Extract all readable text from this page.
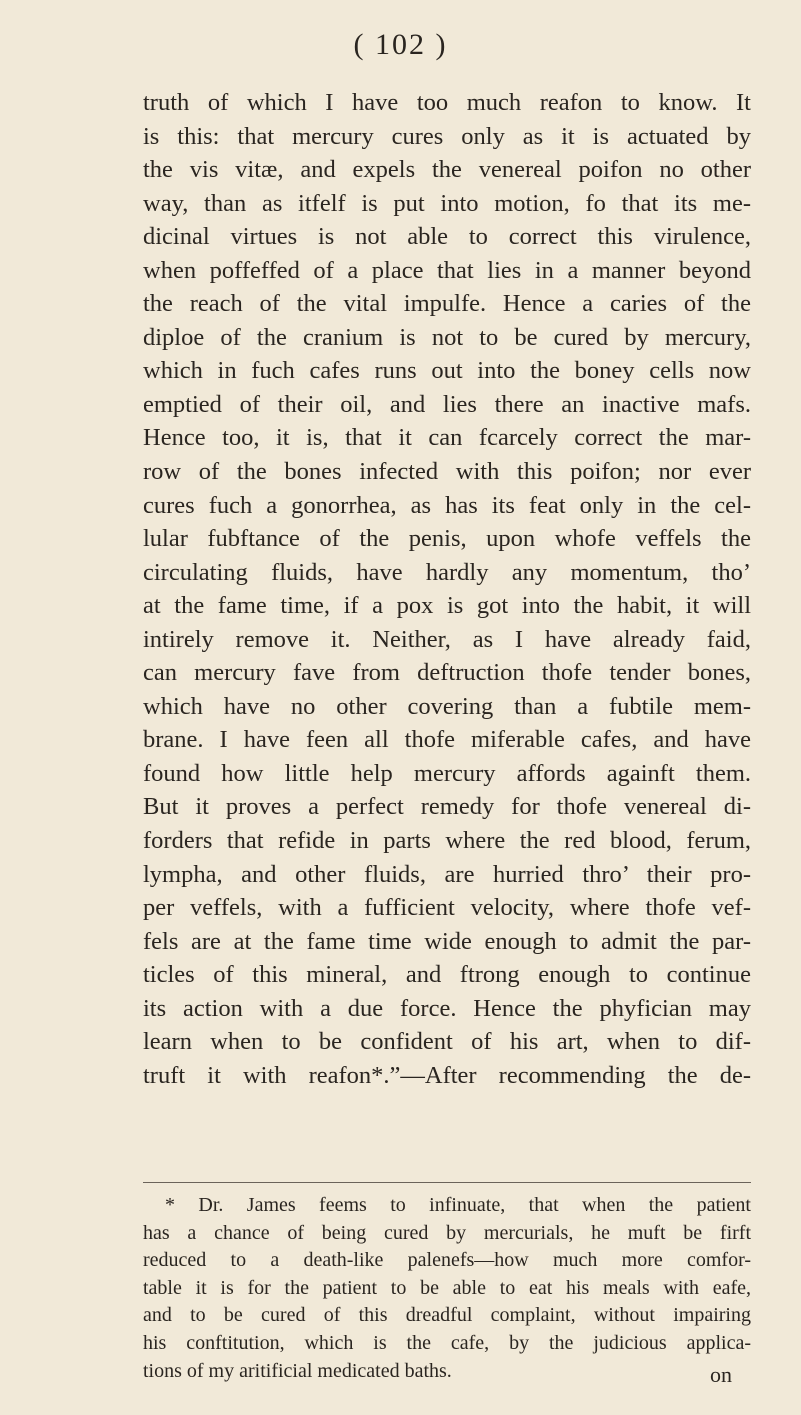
( 102 )
truth of which I have too much reafon to know. It
is this: that mercury cures only as it is actuated by
the vis vitæ, and expels the venereal poifon no other
way, than as itfelf is put into motion, fo that its me-
dicinal virtues is not able to correct this virulence,
when poffeffed of a place that lies in a manner beyond
the reach of the vital impulfe. Hence a caries of the
diploe of the cranium is not to be cured by mercury,
which in fuch cafes runs out into the boney cells now
emptied of their oil, and lies there an inactive mafs.
Hence too, it is, that it can fcarcely correct the mar-
row of the bones infected with this poifon; nor ever
cures fuch a gonorrhea, as has its feat only in the cel-
lular fubftance of the penis, upon whofe veffels the
circulating fluids, have hardly any momentum, tho’
at the fame time, if a pox is got into the habit, it will
intirely remove it. Neither, as I have already faid,
can mercury fave from deftruction thofe tender bones,
which have no other covering than a fubtile mem-
brane. I have feen all thofe miferable cafes, and have
found how little help mercury affords againft them.
But it proves a perfect remedy for thofe venereal di-
forders that refide in parts where the red blood, ferum,
lympha, and other fluids, are hurried thro’ their pro-
per veffels, with a fufficient velocity, where thofe vef-
fels are at the fame time wide enough to admit the par-
ticles of this mineral, and ftrong enough to continue
its action with a due force. Hence the phyfician may
learn when to be confident of his art, when to dif-
truft it with reafon*.”—After recommending the de-
* Dr. James feems to infinuate, that when the patient
has a chance of being cured by mercurials, he muft be firft
reduced to a death-like palenefs—how much more comfor-
table it is for the patient to be able to eat his meals with eafe,
and to be cured of this dreadful complaint, without impairing
his conftitution, which is the cafe, by the judicious applica-
tions of my aritificial medicated baths.	on
